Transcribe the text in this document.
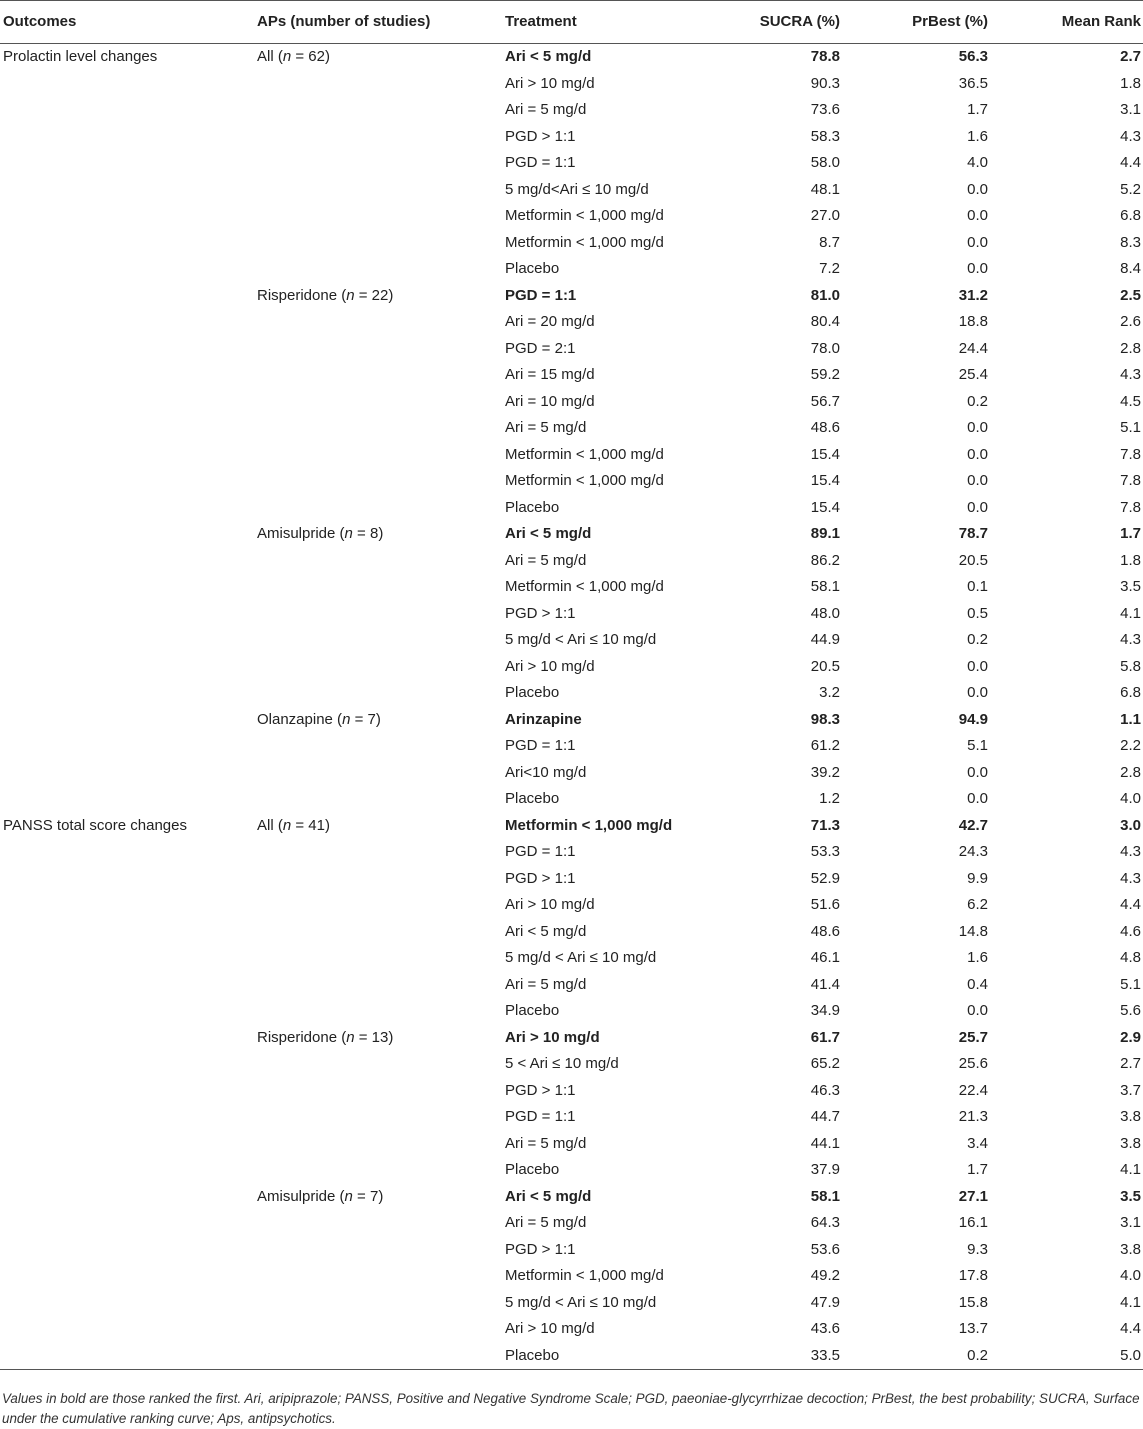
Outcomes	APs (number of studies)	Treatment	SUCRA (%)	PrBest (%)	Mean Rank
Prolactin level changes	All (n = 62)	Ari < 5 mg/d	78.8	56.3	2.7
		Ari > 10 mg/d	90.3	36.5	1.8
		Ari = 5 mg/d	73.6	1.7	3.1
		PGD > 1:1	58.3	1.6	4.3
		PGD = 1:1	58.0	4.0	4.4
		5 mg/d<Ari ≤ 10 mg/d	48.1	0.0	5.2
		Metformin < 1,000 mg/d	27.0	0.0	6.8
		Metformin < 1,000 mg/d	8.7	0.0	8.3
		Placebo	7.2	0.0	8.4
	Risperidone (n = 22)	PGD = 1:1	81.0	31.2	2.5
		Ari = 20 mg/d	80.4	18.8	2.6
		PGD = 2:1	78.0	24.4	2.8
		Ari = 15 mg/d	59.2	25.4	4.3
		Ari = 10 mg/d	56.7	0.2	4.5
		Ari = 5 mg/d	48.6	0.0	5.1
		Metformin < 1,000 mg/d	15.4	0.0	7.8
		Metformin < 1,000 mg/d	15.4	0.0	7.8
		Placebo	15.4	0.0	7.8
	Amisulpride (n = 8)	Ari < 5 mg/d	89.1	78.7	1.7
		Ari = 5 mg/d	86.2	20.5	1.8
		Metformin < 1,000 mg/d	58.1	0.1	3.5
		PGD > 1:1	48.0	0.5	4.1
		5 mg/d < Ari ≤ 10 mg/d	44.9	0.2	4.3
		Ari > 10 mg/d	20.5	0.0	5.8
		Placebo	3.2	0.0	6.8
	Olanzapine (n = 7)	Arinzapine	98.3	94.9	1.1
		PGD = 1:1	61.2	5.1	2.2
		Ari<10 mg/d	39.2	0.0	2.8
		Placebo	1.2	0.0	4.0
PANSS total score changes	All (n = 41)	Metformin < 1,000 mg/d	71.3	42.7	3.0
		PGD = 1:1	53.3	24.3	4.3
		PGD > 1:1	52.9	9.9	4.3
		Ari > 10 mg/d	51.6	6.2	4.4
		Ari < 5 mg/d	48.6	14.8	4.6
		5 mg/d < Ari ≤ 10 mg/d	46.1	1.6	4.8
		Ari = 5 mg/d	41.4	0.4	5.1
		Placebo	34.9	0.0	5.6
	Risperidone (n = 13)	Ari > 10 mg/d	61.7	25.7	2.9
		5 < Ari ≤ 10 mg/d	65.2	25.6	2.7
		PGD > 1:1	46.3	22.4	3.7
		PGD = 1:1	44.7	21.3	3.8
		Ari = 5 mg/d	44.1	3.4	3.8
		Placebo	37.9	1.7	4.1
	Amisulpride (n = 7)	Ari < 5 mg/d	58.1	27.1	3.5
		Ari = 5 mg/d	64.3	16.1	3.1
		PGD > 1:1	53.6	9.3	3.8
		Metformin < 1,000 mg/d	49.2	17.8	4.0
		5 mg/d < Ari ≤ 10 mg/d	47.9	15.8	4.1
		Ari > 10 mg/d	43.6	13.7	4.4
		Placebo	33.5	0.2	5.0

Values in bold are those ranked the first. Ari, aripiprazole; PANSS, Positive and Negative Syndrome Scale; PGD, paeoniae-glycyrrhizae decoction; PrBest, the best probability; SUCRA, Surface under the cumulative ranking curve; Aps, antipsychotics.
